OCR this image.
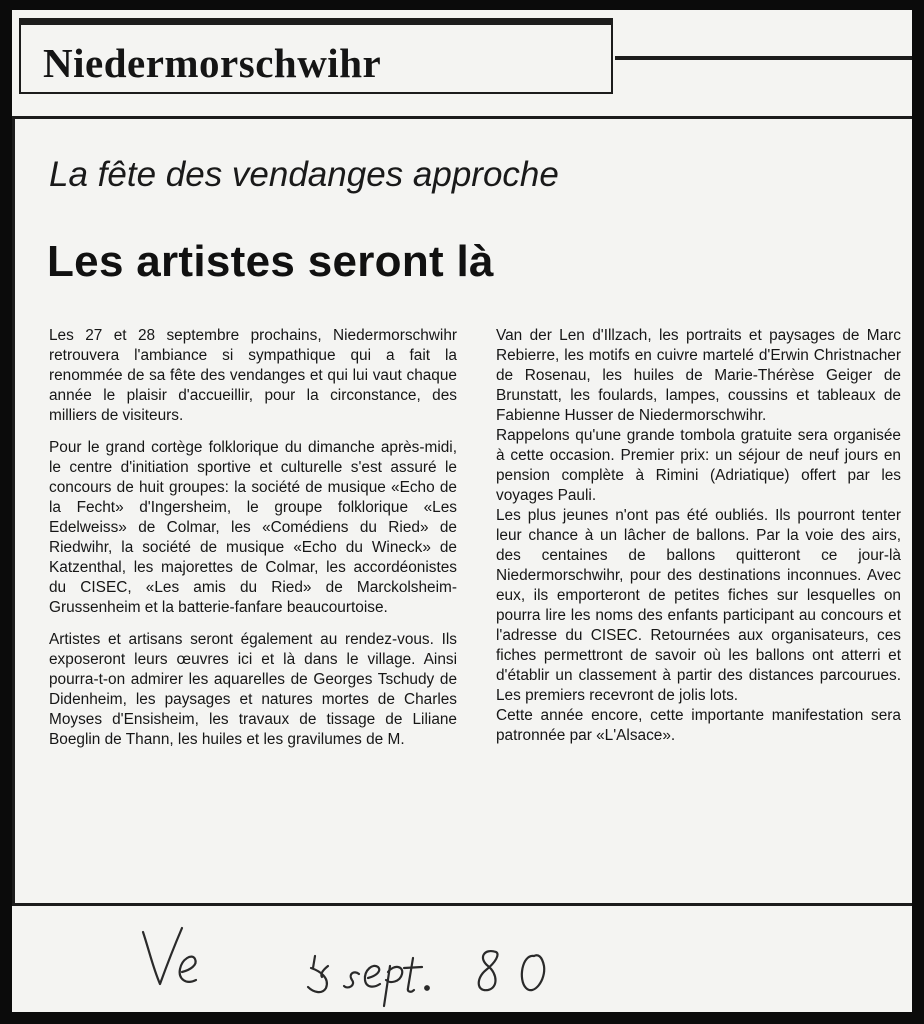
Niedermorschwihr
La fête des vendanges approche
Les artistes seront là

Les 27 et 28 septembre prochains, Niedermorschwihr retrouvera l'ambiance si sympathique qui a fait la renommée de sa fête des vendanges et qui lui vaut chaque année le plaisir d'accueillir, pour la circonstance, des milliers de visiteurs.

Pour le grand cortège folklorique du dimanche après-midi, le centre d'initiation sportive et culturelle s'est assuré le concours de huit groupes: la société de musique «Echo de la Fecht» d'Ingersheim, le groupe folklorique «Les Edelweiss» de Colmar, les «Comédiens du Ried» de Riedwihr, la société de musique «Echo du Wineck» de Katzenthal, les majorettes de Colmar, les accordéonistes du CISEC, «Les amis du Ried» de Marckolsheim-Grussenheim et la batterie-fanfare beaucourtoise.

Artistes et artisans seront également au rendez-vous. Ils exposeront leurs œuvres ici et là dans le village. Ainsi pourra-t-on admirer les aquarelles de Georges Tschudy de Didenheim, les paysages et natures mortes de Charles Moyses d'Ensisheim, les travaux de tissage de Liliane Boeglin de Thann, les huiles et les gravilumes de M.

Van der Len d'Illzach, les portraits et paysages de Marc Rebierre, les motifs en cuivre martelé d'Erwin Christnacher de Rosenau, les huiles de Marie-Thérèse Geiger de Brunstatt, les foulards, lampes, coussins et tableaux de Fabienne Husser de Niedermorschwihr.

Rappelons qu'une grande tombola gratuite sera organisée à cette occasion. Premier prix: un séjour de neuf jours en pension complète à Rimini (Adriatique) offert par les voyages Pauli.

Les plus jeunes n'ont pas été oubliés. Ils pourront tenter leur chance à un lâcher de ballons. Par la voie des airs, des centaines de ballons quitteront ce jour-là Niedermorschwihr, pour des destinations inconnues. Avec eux, ils emporteront de petites fiches sur lesquelles on pourra lire les noms des enfants participant au concours et l'adresse du CISEC. Retournées aux organisateurs, ces fiches permettront de savoir où les ballons ont atterri et d'établir un classement à partir des distances parcourues. Les premiers recevront de jolis lots.

Cette année encore, cette importante manifestation sera patronnée par «L'Alsace».
